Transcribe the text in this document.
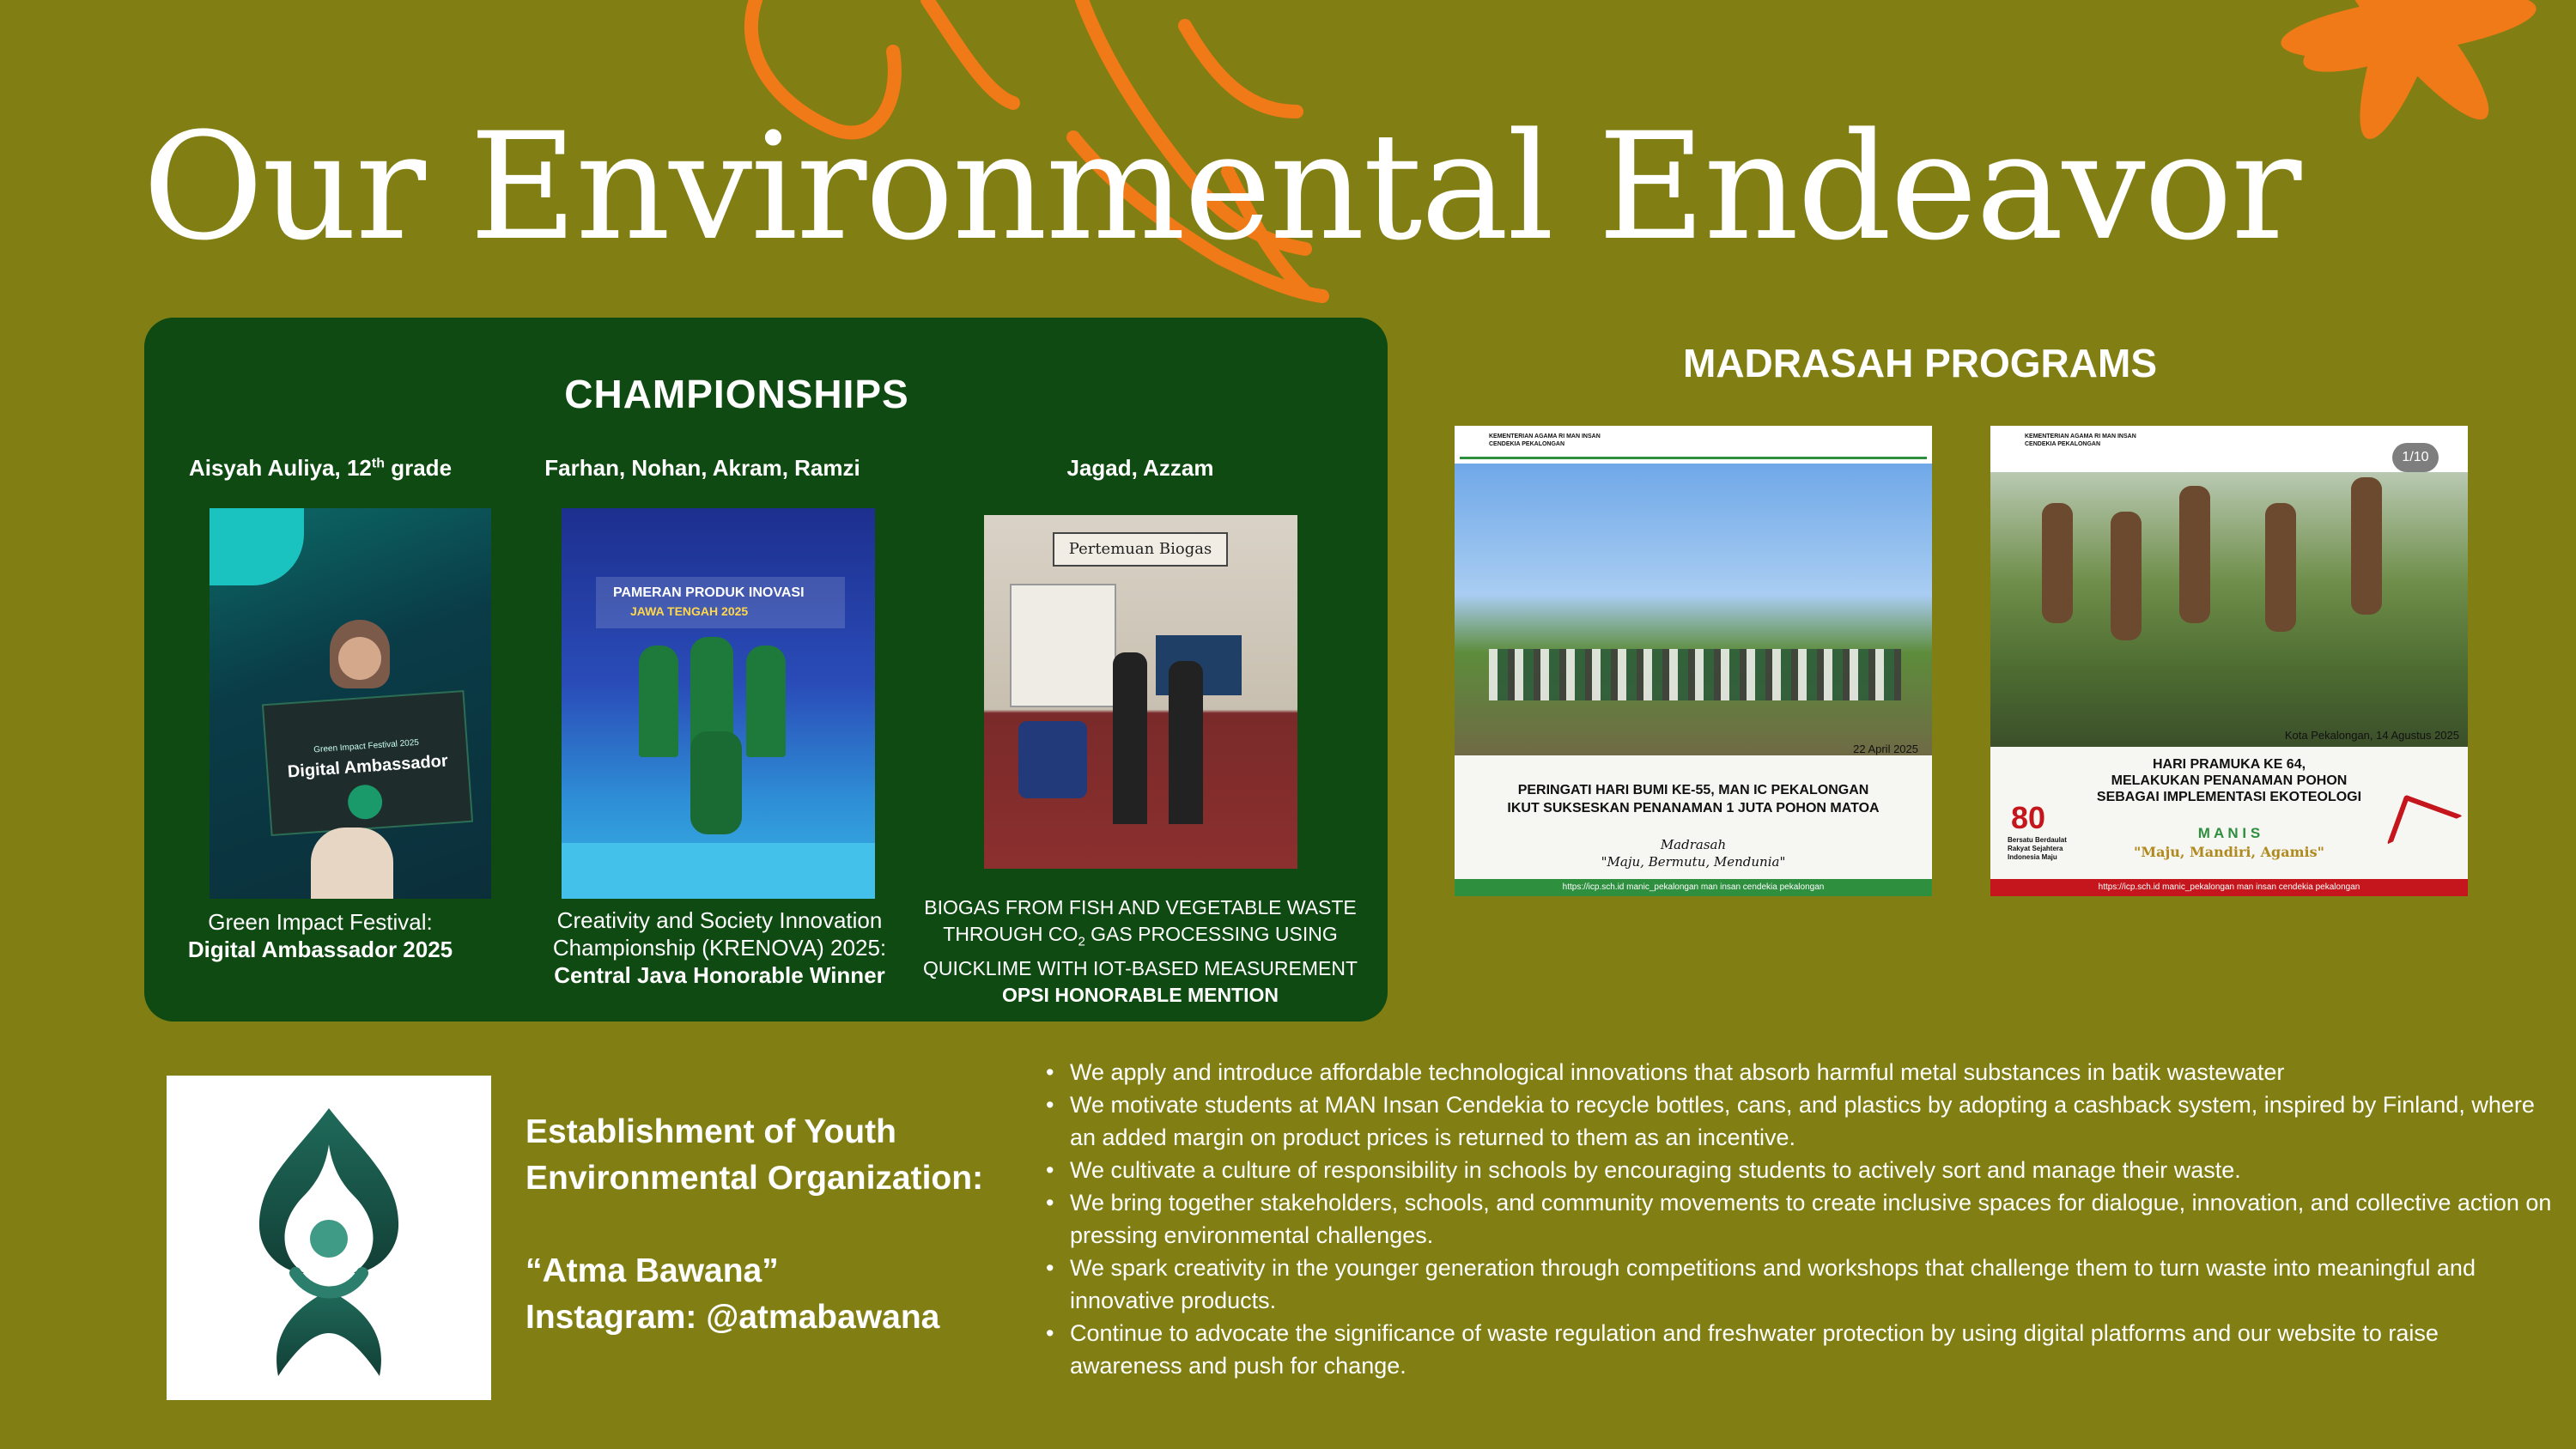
Our Environmental Endeavor
CHAMPIONSHIPS
Aisyah Auliya, 12th grade
Green Impact Festival 2025
Digital Ambassador
Green Impact Festival:
Digital Ambassador 2025
Farhan, Nohan, Akram, Ramzi
PAMERAN PRODUK INOVASI
JAWA TENGAH 2025
Creativity and Society Innovation
Championship (KRENOVA) 2025:
Central Java Honorable Winner
Jagad, Azzam
Pertemuan Biogas
BIOGAS FROM FISH AND VEGETABLE WASTE
THROUGH $CO_2$ GAS PROCESSING USING
QUICKLIME WITH IOT-BASED MEASUREMENT
OPSI HONORABLE MENTION
MADRASAH PROGRAMS
KEMENTERIAN AGAMA RI MAN INSAN CENDEKIA PEKALONGAN
22 April 2025
PERINGATI HARI BUMI KE-55, MAN IC PEKALONGAN
IKUT SUKSESKAN PENANAMAN 1 JUTA POHON MATOA
Madrasah
"Maju, Bermutu, Mendunia"
https://icp.sch.id manic_pekalongan man insan cendekia pekalongan
KEMENTERIAN AGAMA RI MAN INSAN CENDEKIA PEKALONGAN
1/10
Kota Pekalongan, 14 Agustus 2025
HARI PRAMUKA KE 64,
MELAKUKAN PENANAMAN POHON
SEBAGAI IMPLEMENTASI EKOTEOLOGI
80
Bersatu Berdaulat Rakyat Sejahtera Indonesia Maju
M A N I S
"Maju, Mandiri, Agamis"
https://icp.sch.id manic_pekalongan man insan cendekia pekalongan
Establishment of Youth
Environmental Organization:
“Atma Bawana”
Instagram: @atmabawana
• We apply and introduce affordable technological innovations that absorb harmful metal substances in batik wastewater
• We motivate students at MAN Insan Cendekia to recycle bottles, cans, and plastics by adopting a cashback system, inspired by Finland, where an added margin on product prices is returned to them as an incentive.
• We cultivate a culture of responsibility in schools by encouraging students to actively sort and manage their waste.
• We bring together stakeholders, schools, and community movements to create inclusive spaces for dialogue, innovation, and collective action on pressing environmental challenges.
• We spark creativity in the younger generation through competitions and workshops that challenge them to turn waste into meaningful and innovative products.
• Continue to advocate the significance of waste regulation and freshwater protection by using digital platforms and our website to raise awareness and push for change.
